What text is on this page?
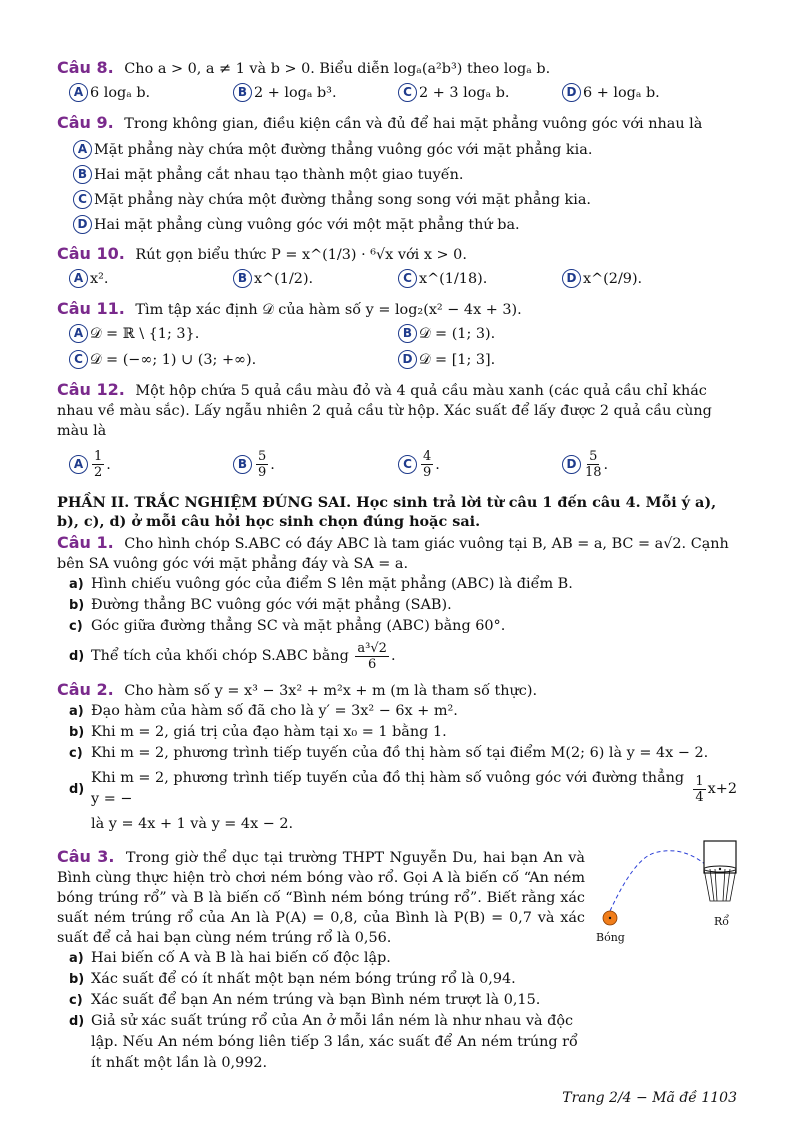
Câu 8. Cho a > 0, a ≠ 1 và b > 0. Biểu diễn logₐ(a²b³) theo logₐ b.

A 6 logₐ b.	B 2 + logₐ b³.	C 2 + 3 logₐ b.	D 6 + logₐ b.

Câu 9. Trong không gian, điều kiện cần và đủ để hai mặt phẳng vuông góc với nhau là

A Mặt phẳng này chứa một đường thẳng vuông góc với mặt phẳng kia.
B Hai mặt phẳng cắt nhau tạo thành một giao tuyến.
C Mặt phẳng này chứa một đường thẳng song song với mặt phẳng kia.
D Hai mặt phẳng cùng vuông góc với một mặt phẳng thứ ba.

Câu 10. Rút gọn biểu thức P = x^(1/3) · ⁶√x với x > 0.

A x².	B x^(1/2).	C x^(1/18).	D x^(2/9).

Câu 11. Tìm tập xác định 𝒟 của hàm số y = log₂(x² − 4x + 3).

A 𝒟 = ℝ \ {1; 3}.	B 𝒟 = (1; 3).
C 𝒟 = (−∞; 1) ∪ (3; +∞).	D 𝒟 = [1; 3].

Câu 12. Một hộp chứa 5 quả cầu màu đỏ và 4 quả cầu màu xanh (các quả cầu chỉ khác nhau về màu sắc). Lấy ngẫu nhiên 2 quả cầu từ hộp. Xác suất để lấy được 2 quả cầu cùng màu là

A $\frac{1}{2}$ .	B $\frac{5}{9}$ .	C $\frac{4}{9}$ .	D $\frac{5}{18}$ .
PHẦN II. TRẮC NGHIỆM ĐÚNG SAI. Học sinh trả lời từ câu 1 đến câu 4. Mỗi ý a), b), c), d) ở mỗi câu hỏi học sinh chọn đúng hoặc sai.

Câu 1. Cho hình chóp S.ABC có đáy ABC là tam giác vuông tại B, AB = a, BC = a√2. Cạnh bên SA vuông góc với mặt phẳng đáy và SA = a.

a) Hình chiếu vuông góc của điểm S lên mặt phẳng (ABC) là điểm B.
b) Đường thẳng BC vuông góc với mặt phẳng (SAB).
c) Góc giữa đường thẳng SC và mặt phẳng (ABC) bằng 60°.
d) Thể tích của khối chóp S.ABC bằng
$\frac{\text{a³√2}}{6}$ .

Câu 2. Cho hàm số y = x³ − 3x² + m²x + m (m là tham số thực).

a) Đạo hàm của hàm số đã cho là y′ = 3x² − 6x + m².
b) Khi m = 2, giá trị của đạo hàm tại x₀ = 1 bằng 1.
c) Khi m = 2, phương trình tiếp tuyến của đồ thị hàm số tại điểm M(2; 6) là y = 4x − 2.
d)
Khi m = 2, phương trình tiếp tuyến của đồ thị hàm số vuông góc với đường thẳng y = −	$\frac{1}{4} x+2$
là y = 4x + 1 và y = 4x − 2.

Câu 3. Trong giờ thể dục tại trường THPT Nguyễn Du, hai bạn An và Bình cùng thực hiện trò chơi ném bóng vào rổ. Gọi A là biến cố “An ném bóng trúng rổ” và B là biến cố “Bình ném bóng trúng rổ”. Biết rằng xác suất ném trúng rổ của An là P(A) = 0,8, của Bình là P(B) = 0,7 và xác suất để cả hai bạn cùng ném trúng rổ là 0,56.

a) Hai biến cố A và B là hai biến cố độc lập.
b) Xác suất để có ít nhất một bạn ném bóng trúng rổ là 0,94.
c) Xác suất để bạn An ném trúng và bạn Bình ném trượt là 0,15.
d) Giả sử xác suất trúng rổ của An ở mỗi lần ném là như nhau và độc lập. Nếu An ném bóng liên tiếp 3 lần, xác suất để An ném trúng rổ ít nhất một lần là 0,992.
Rổ
Bóng
Trang 2/4 − Mã đề 1103
